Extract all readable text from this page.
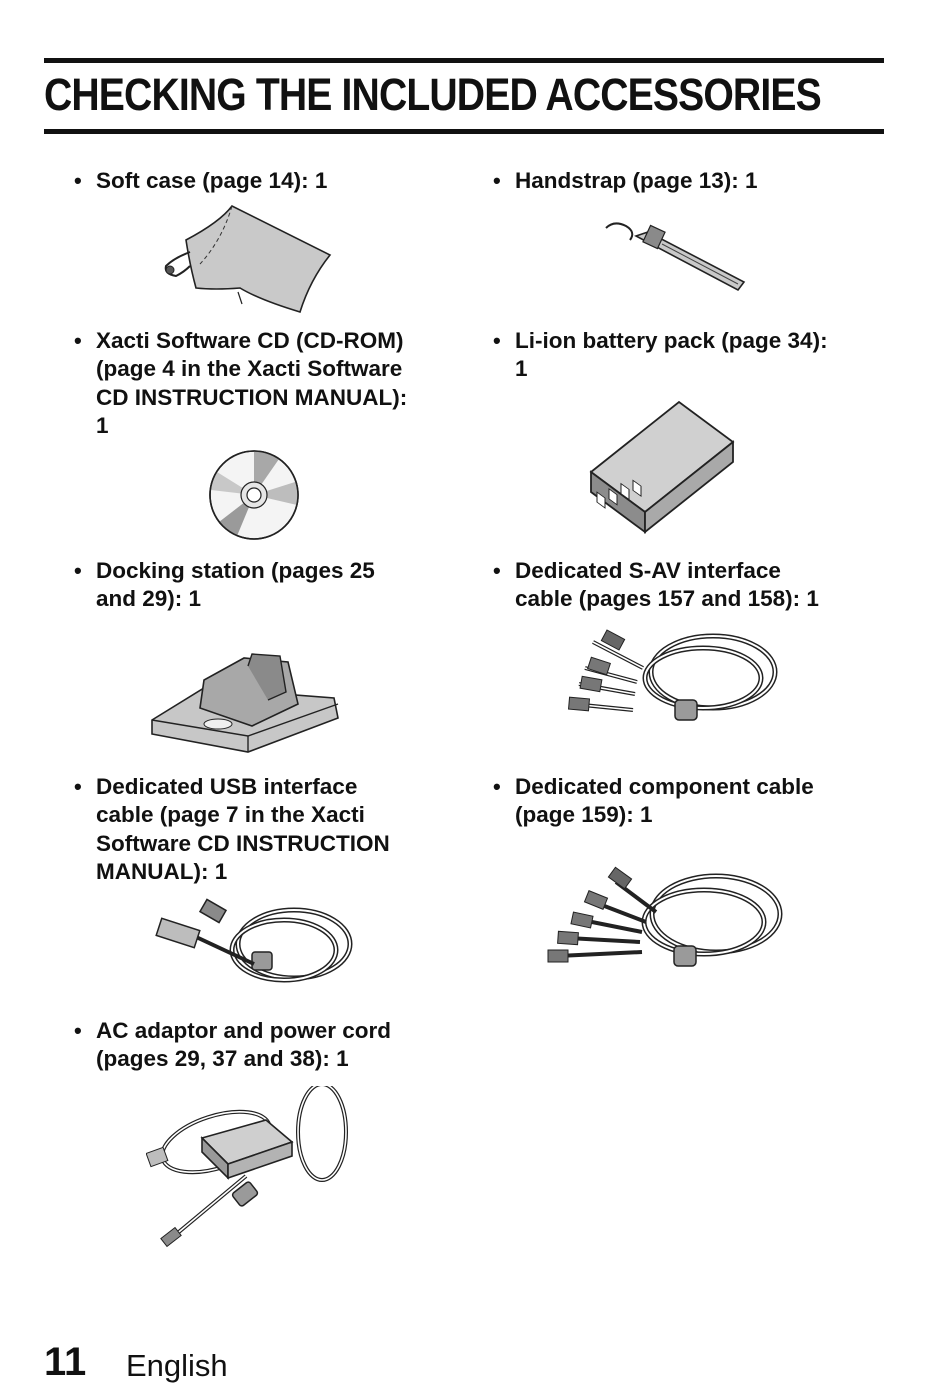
CHECKING THE INCLUDED ACCESSORIES
• Soft case (page 14): 1	• Handstrap (page 13): 1
• Xacti Software CD (CD-ROM)
(page 4 in the Xacti Software
CD INSTRUCTION MANUAL):
1
• Li-ion battery pack (page 34):
1
• Docking station (pages 25
and 29): 1
• Dedicated S-AV interface
cable (pages 157 and 158): 1
• Dedicated USB interface
cable (page 7 in the Xacti
Software CD INSTRUCTION
MANUAL): 1
• Dedicated component cable
(page 159): 1
• AC adaptor and power cord
(pages 29, 37 and 38): 1
11 English
